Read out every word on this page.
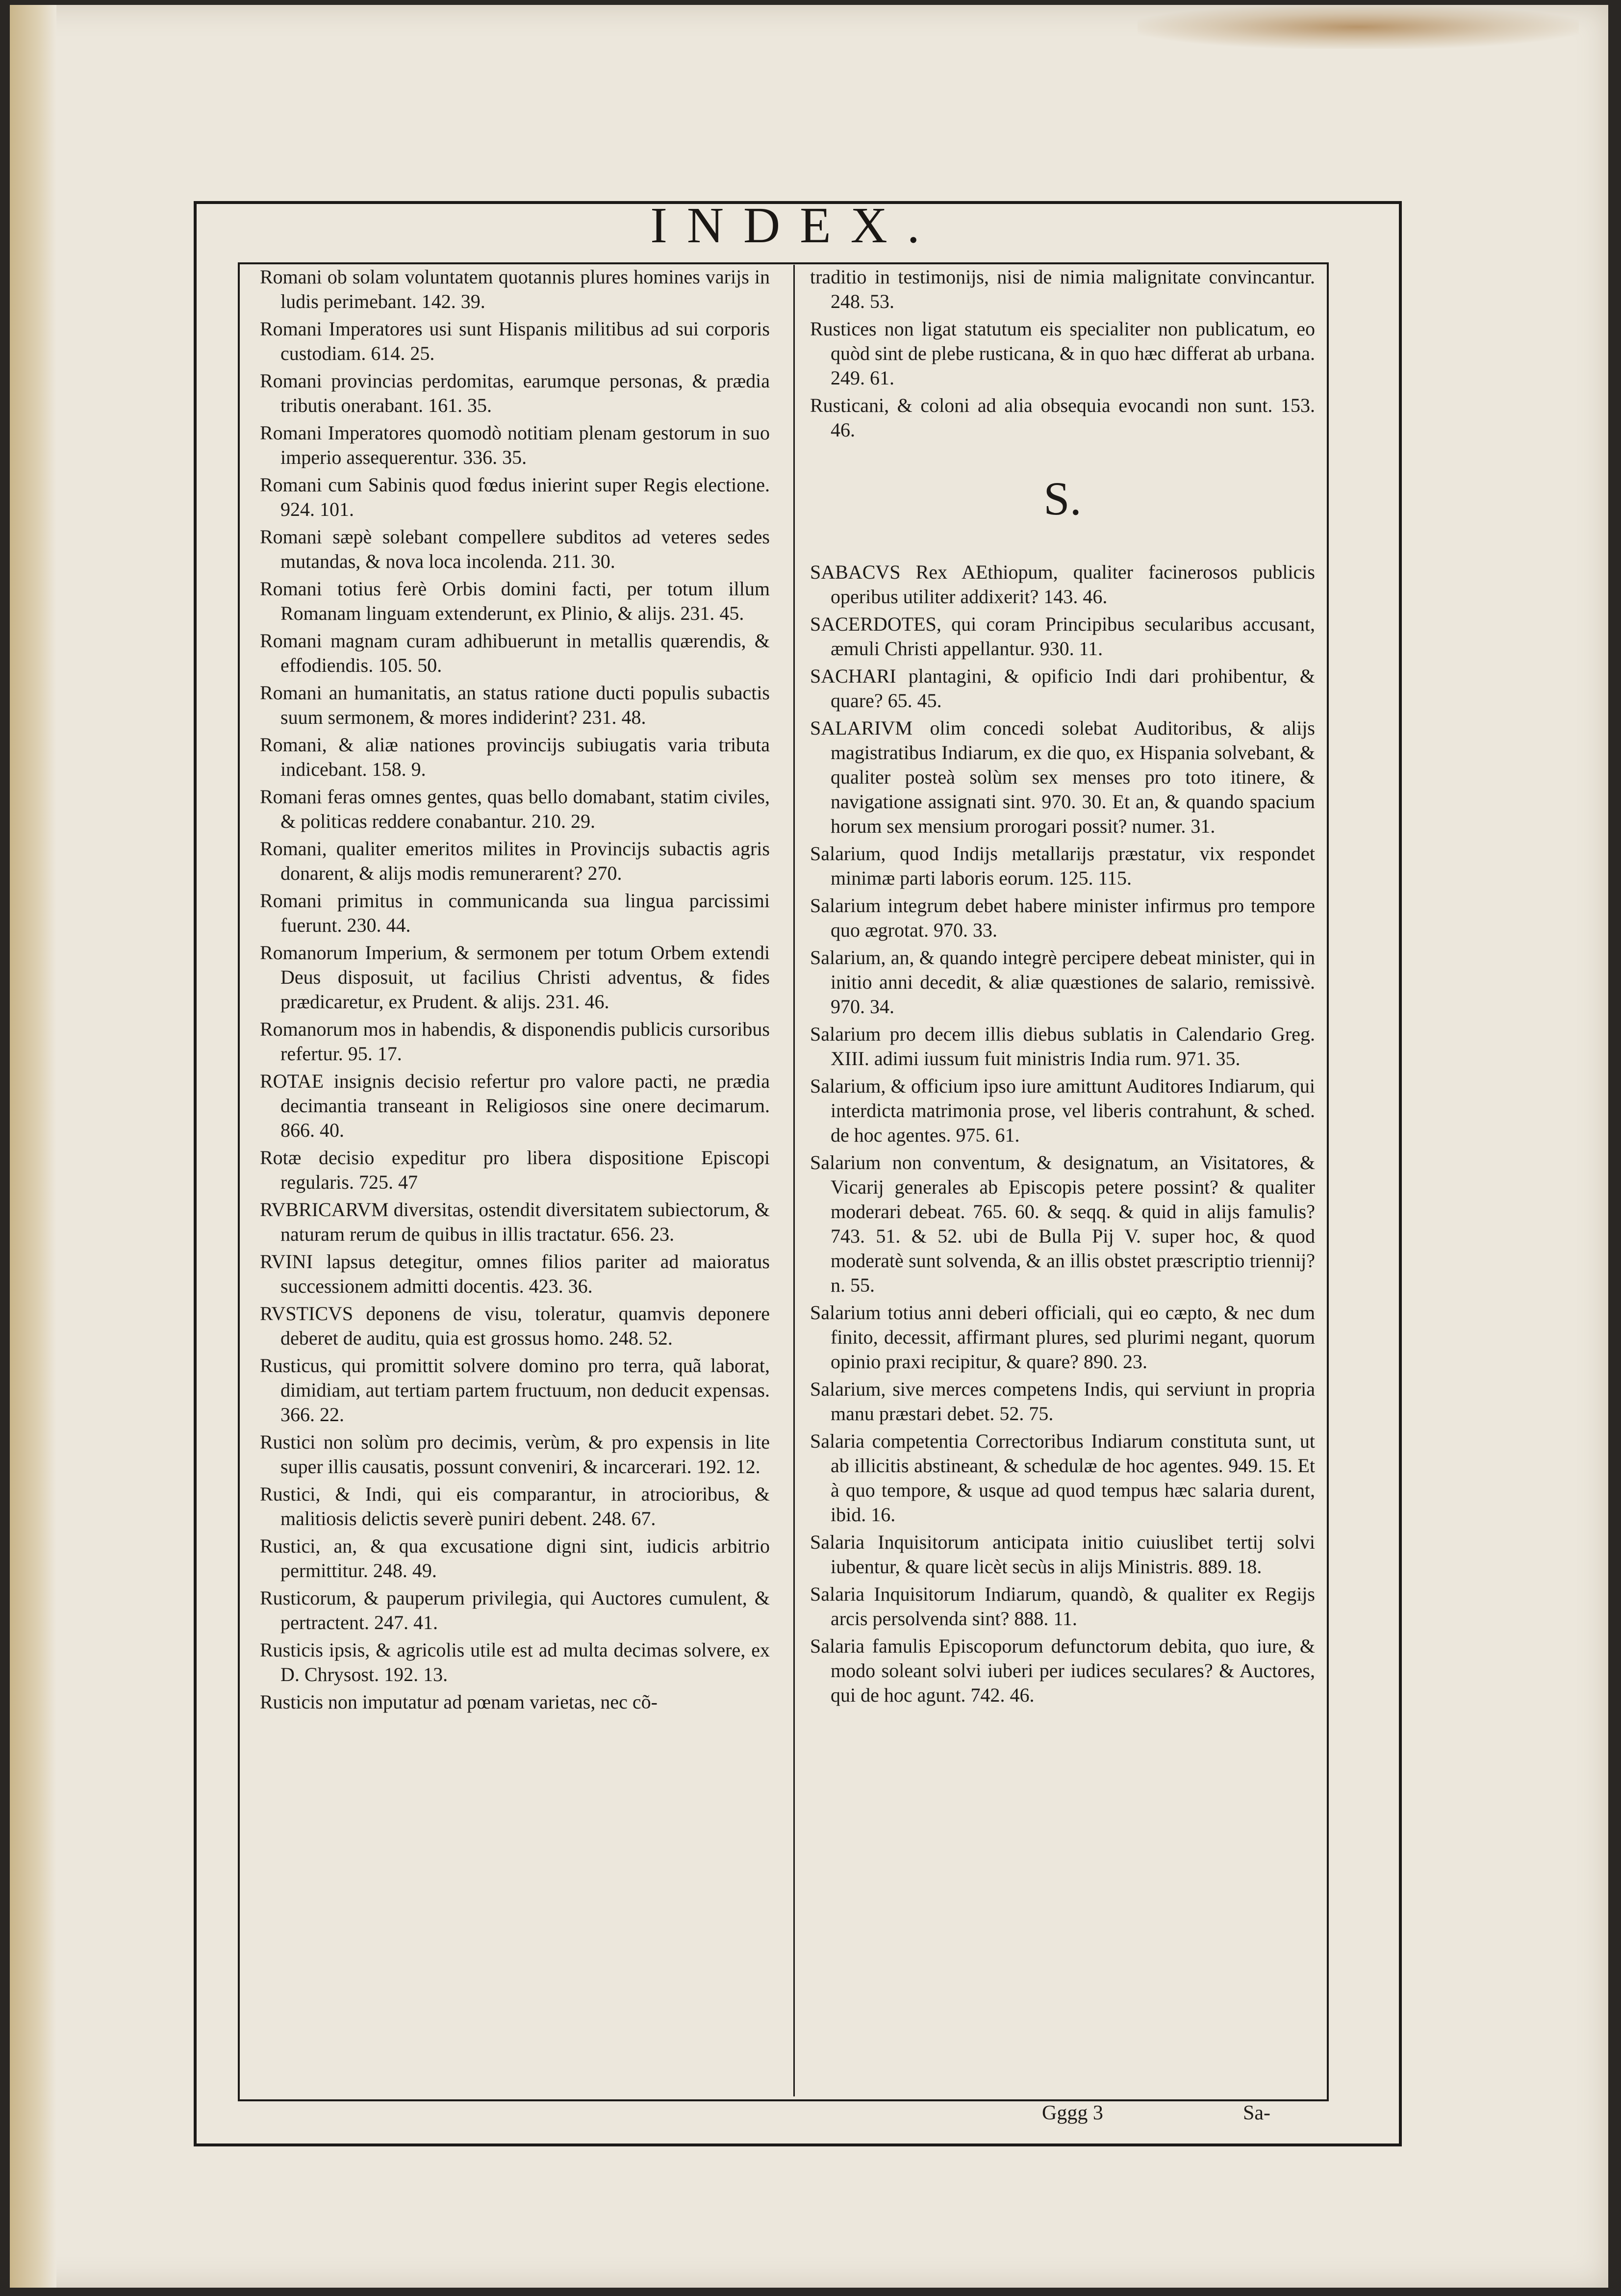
INDEX.

Romani ob solam voluntatem quotannis plures homines varijs in ludis perimebant. 142. 39.

Romani Imperatores usi sunt Hispanis militibus ad sui corporis custodiam. 614. 25.

Romani provincias perdomitas, earumque personas, & prædia tributis onerabant. 161. 35.

Romani Imperatores quomodò notitiam plenam gestorum in suo imperio assequerentur. 336. 35.

Romani cum Sabinis quod fœdus inierint super Regis electione. 924. 101.

Romani sæpè solebant compellere subditos ad veteres sedes mutandas, & nova loca incolenda. 211. 30.

Romani totius ferè Orbis domini facti, per totum illum Romanam linguam extenderunt, ex Plinio, & alijs. 231. 45.

Romani magnam curam adhibuerunt in metallis quærendis, & effodiendis. 105. 50.

Romani an humanitatis, an status ratione ducti populis subactis suum sermonem, & mores indiderint? 231. 48.

Romani, & aliæ nationes provincijs subiugatis varia tributa indicebant. 158. 9.

Romani feras omnes gentes, quas bello domabant, statim civiles, & politicas reddere conabantur. 210. 29.

Romani, qualiter emeritos milites in Provincijs subactis agris donarent, & alijs modis remunerarent? 270.

Romani primitus in communicanda sua lingua parcissimi fuerunt. 230. 44.

Romanorum Imperium, & sermonem per totum Orbem extendi Deus disposuit, ut facilius Christi adventus, & fides prædicaretur, ex Prudent. & alijs. 231. 46.

Romanorum mos in habendis, & disponendis publicis cursoribus refertur. 95. 17.

ROTAE insignis decisio refertur pro valore pacti, ne prædia decimantia transeant in Religiosos sine onere decimarum. 866. 40.

Rotæ decisio expeditur pro libera dispositione Episcopi regularis. 725. 47

RVBRICARVM diversitas, ostendit diversitatem subiectorum, & naturam rerum de quibus in illis tractatur. 656. 23.

RVINI lapsus detegitur, omnes filios pariter ad maioratus successionem admitti docentis. 423. 36.

RVSTICVS deponens de visu, toleratur, quamvis deponere deberet de auditu, quia est grossus homo. 248. 52.

Rusticus, qui promittit solvere domino pro terra, quã laborat, dimidiam, aut tertiam partem fructuum, non deducit expensas. 366. 22.

Rustici non solùm pro decimis, verùm, & pro expensis in lite super illis causatis, possunt conveniri, & incarcerari. 192. 12.

Rustici, & Indi, qui eis comparantur, in atrocioribus, & malitiosis delictis severè puniri debent. 248. 67.

Rustici, an, & qua excusatione digni sint, iudicis arbitrio permittitur. 248. 49.

Rusticorum, & pauperum privilegia, qui Auctores cumulent, & pertractent. 247. 41.

Rusticis ipsis, & agricolis utile est ad multa decimas solvere, ex D. Chrysost. 192. 13.

Rusticis non imputatur ad pœnam varietas, nec cõ-

traditio in testimonijs, nisi de nimia malignitate convincantur. 248. 53.

Rustices non ligat statutum eis specialiter non publicatum, eo quòd sint de plebe rusticana, & in quo hæc differat ab urbana. 249. 61.

Rusticani, & coloni ad alia obsequia evocandi non sunt. 153. 46.

S.

SABACVS Rex AEthiopum, qualiter facinerosos publicis operibus utiliter addixerit? 143. 46.

SACERDOTES, qui coram Principibus secularibus accusant, æmuli Christi appellantur. 930. 11.

SACHARI plantagini, & opificio Indi dari prohibentur, & quare? 65. 45.

SALARIVM olim concedi solebat Auditoribus, & alijs magistratibus Indiarum, ex die quo, ex Hispania solvebant, & qualiter posteà solùm sex menses pro toto itinere, & navigatione assignati sint. 970. 30. Et an, & quando spacium horum sex mensium prorogari possit? numer. 31.

Salarium, quod Indijs metallarijs præstatur, vix respondet minimæ parti laboris eorum. 125. 115.

Salarium integrum debet habere minister infirmus pro tempore quo ægrotat. 970. 33.

Salarium, an, & quando integrè percipere debeat minister, qui in initio anni decedit, & aliæ quæstiones de salario, remissivè. 970. 34.

Salarium pro decem illis diebus sublatis in Calendario Greg. XIII. adimi iussum fuit ministris India rum. 971. 35.

Salarium, & officium ipso iure amittunt Auditores Indiarum, qui interdicta matrimonia prose, vel liberis contrahunt, & sched. de hoc agentes. 975. 61.

Salarium non conventum, & designatum, an Visitatores, & Vicarij generales ab Episcopis petere possint? & qualiter moderari debeat. 765. 60. & seqq. & quid in alijs famulis? 743. 51. & 52. ubi de Bulla Pij V. super hoc, & quod moderatè sunt solvenda, & an illis obstet præscriptio triennij? n. 55.

Salarium totius anni deberi officiali, qui eo cæpto, & nec dum finito, decessit, affirmant plures, sed plurimi negant, quorum opinio praxi recipitur, & quare? 890. 23.

Salarium, sive merces competens Indis, qui serviunt in propria manu præstari debet. 52. 75.

Salaria competentia Correctoribus Indiarum constituta sunt, ut ab illicitis abstineant, & schedulæ de hoc agentes. 949. 15. Et à quo tempore, & usque ad quod tempus hæc salaria durent, ibid. 16.

Salaria Inquisitorum anticipata initio cuiuslibet tertij solvi iubentur, & quare licèt secùs in alijs Ministris. 889. 18.

Salaria Inquisitorum Indiarum, quandò, & qualiter ex Regijs arcis persolvenda sint? 888. 11.

Salaria famulis Episcoporum defunctorum debita, quo iure, & modo soleant solvi iuberi per iudices seculares? & Auctores, qui de hoc agunt. 742. 46.

Gggg 3	Sa-
